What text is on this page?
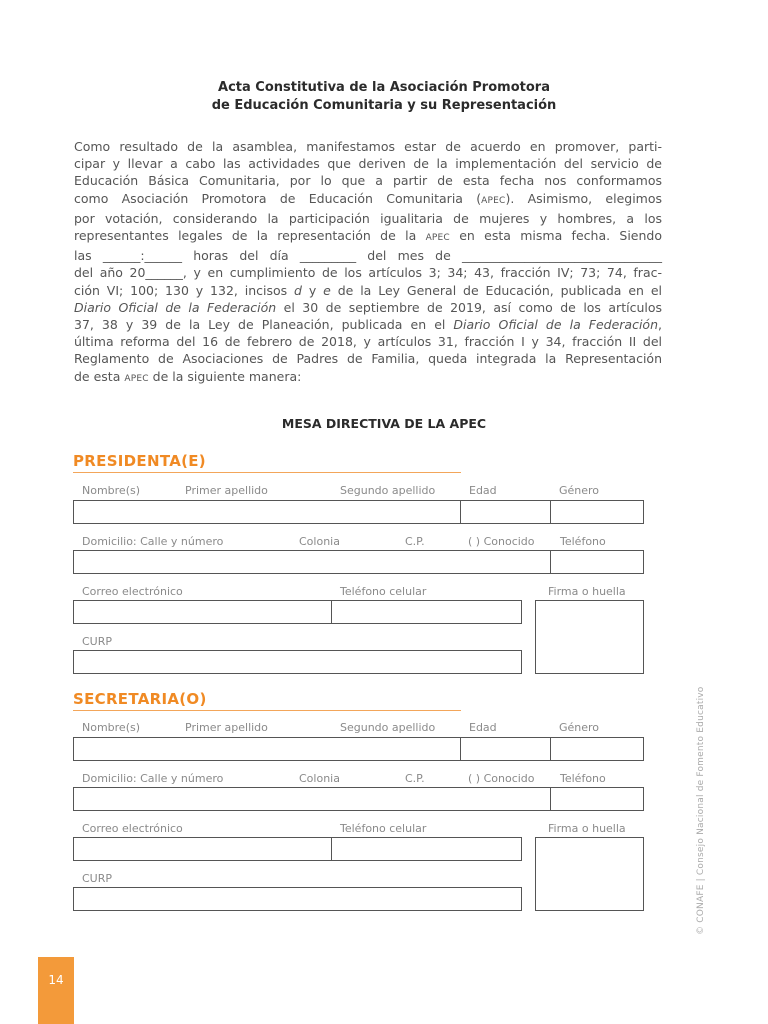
Acta Constitutiva de la Asociación Promotora
de Educación Comunitaria y su Representación
Como resultado de la asamblea, manifestamos estar de acuerdo en promover, parti-
cipar y llevar a cabo las actividades que deriven de la implementación del servicio de
Educación Básica Comunitaria, por lo que a partir de esta fecha nos conformamos
como Asociación Promotora de Educación Comunitaria (APEC). Asimismo, elegimos
por votación, considerando la participación igualitaria de mujeres y hombres, a los
representantes legales de la representación de la APEC en esta misma fecha. Siendo
las ______:______ horas del día _________ del mes de ________________________________
del año 20______, y en cumplimiento de los artículos 3; 34; 43, fracción IV; 73; 74, frac-
ción VI; 100; 130 y 132, incisos d y e de la Ley General de Educación, publicada en el
Diario Oficial de la Federación el 30 de septiembre de 2019, así como de los artículos
37, 38 y 39 de la Ley de Planeación, publicada en el Diario Oficial de la Federación,
última reforma del 16 de febrero de 2018, y artículos 31, fracción I y 34, fracción II del
Reglamento de Asociaciones de Padres de Familia, queda integrada la Representación
de esta APEC de la siguiente manera:
MESA DIRECTIVA DE LA APEC
PRESIDENTA(E)
Nombre(s)	Primer apellido	Segundo apellido	Edad	Género
Domicilio: Calle y número	Colonia	C.P.	( ) Conocido Teléfono
Correo electrónico	Teléfono celular	Firma o huella
CURP
SECRETARIA(O)
Nombre(s)	Primer apellido	Segundo apellido	Edad	Género
Domicilio: Calle y número	Colonia	C.P.	( ) Conocido Teléfono
Correo electrónico	Teléfono celular	Firma o huella
CURP	© CONAFE | Consejo Nacional de Fomento Educativo
14
